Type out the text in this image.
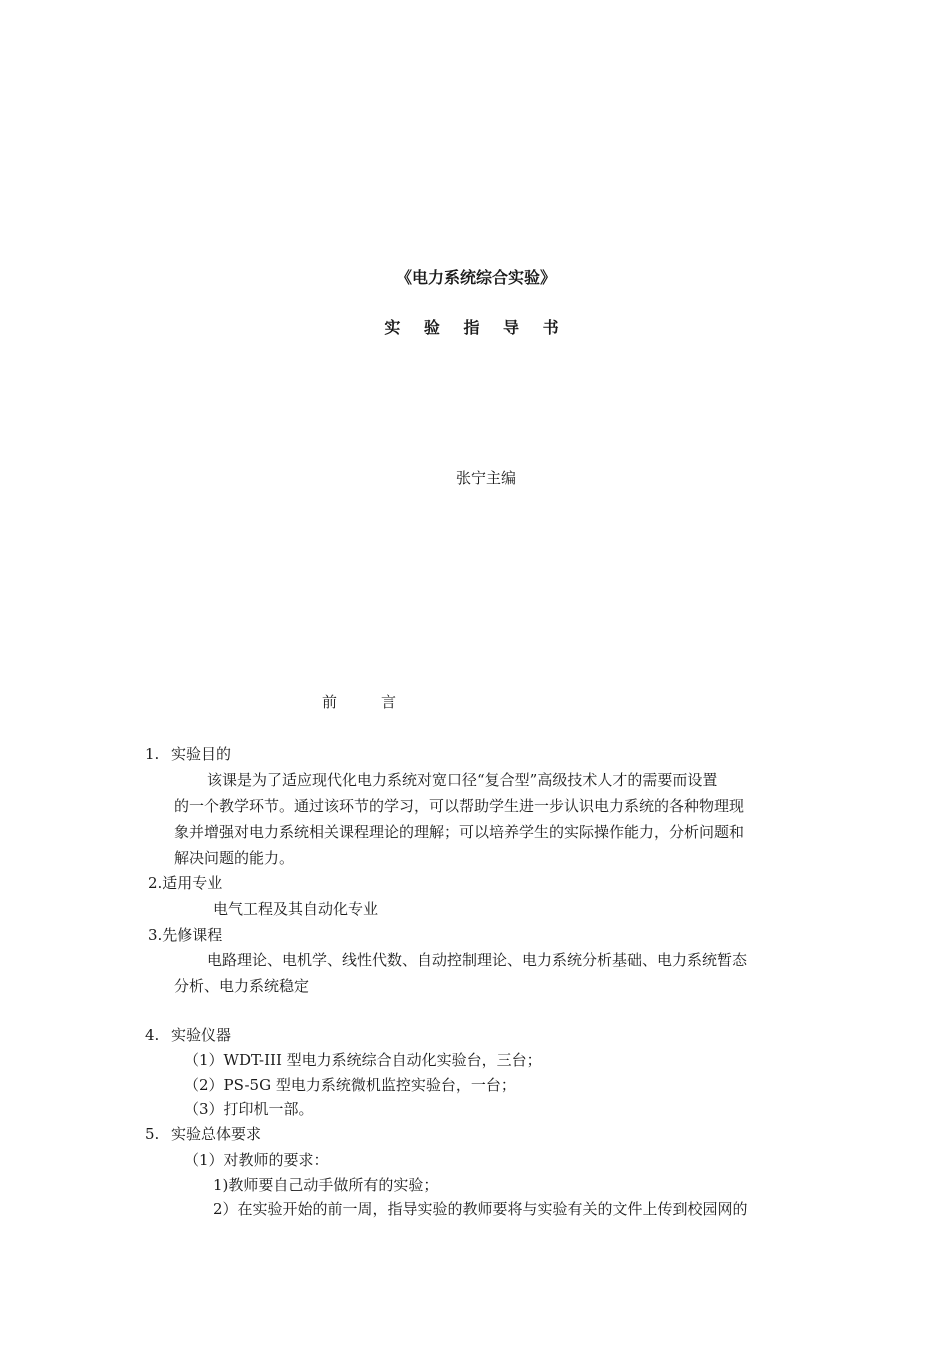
《电力系统综合实验》
实 验 指 导 书
张宁主编
前言
1. 实验目的
该课是为了适应现代化电力系统对宽口径“复合型”高级技术人才的需要而设置
的一个教学环节。通过该环节的学习，可以帮助学生进一步认识电力系统的各种物理现
象并增强对电力系统相关课程理论的理解；可以培养学生的实际操作能力，分析问题和
解决问题的能力。
2.适用专业
电气工程及其自动化专业
3.先修课程
电路理论、电机学、线性代数、自动控制理论、电力系统分析基础、电力系统暂态
分析、电力系统稳定
4. 实验仪器
（1）WDT-III 型电力系统综合自动化实验台，三台；
（2）PS-5G 型电力系统微机监控实验台，一台；
（3）打印机一部。
5. 实验总体要求
（1）对教师的要求：
1)教师要自己动手做所有的实验；
2）在实验开始的前一周，指导实验的教师要将与实验有关的文件上传到校园网的
